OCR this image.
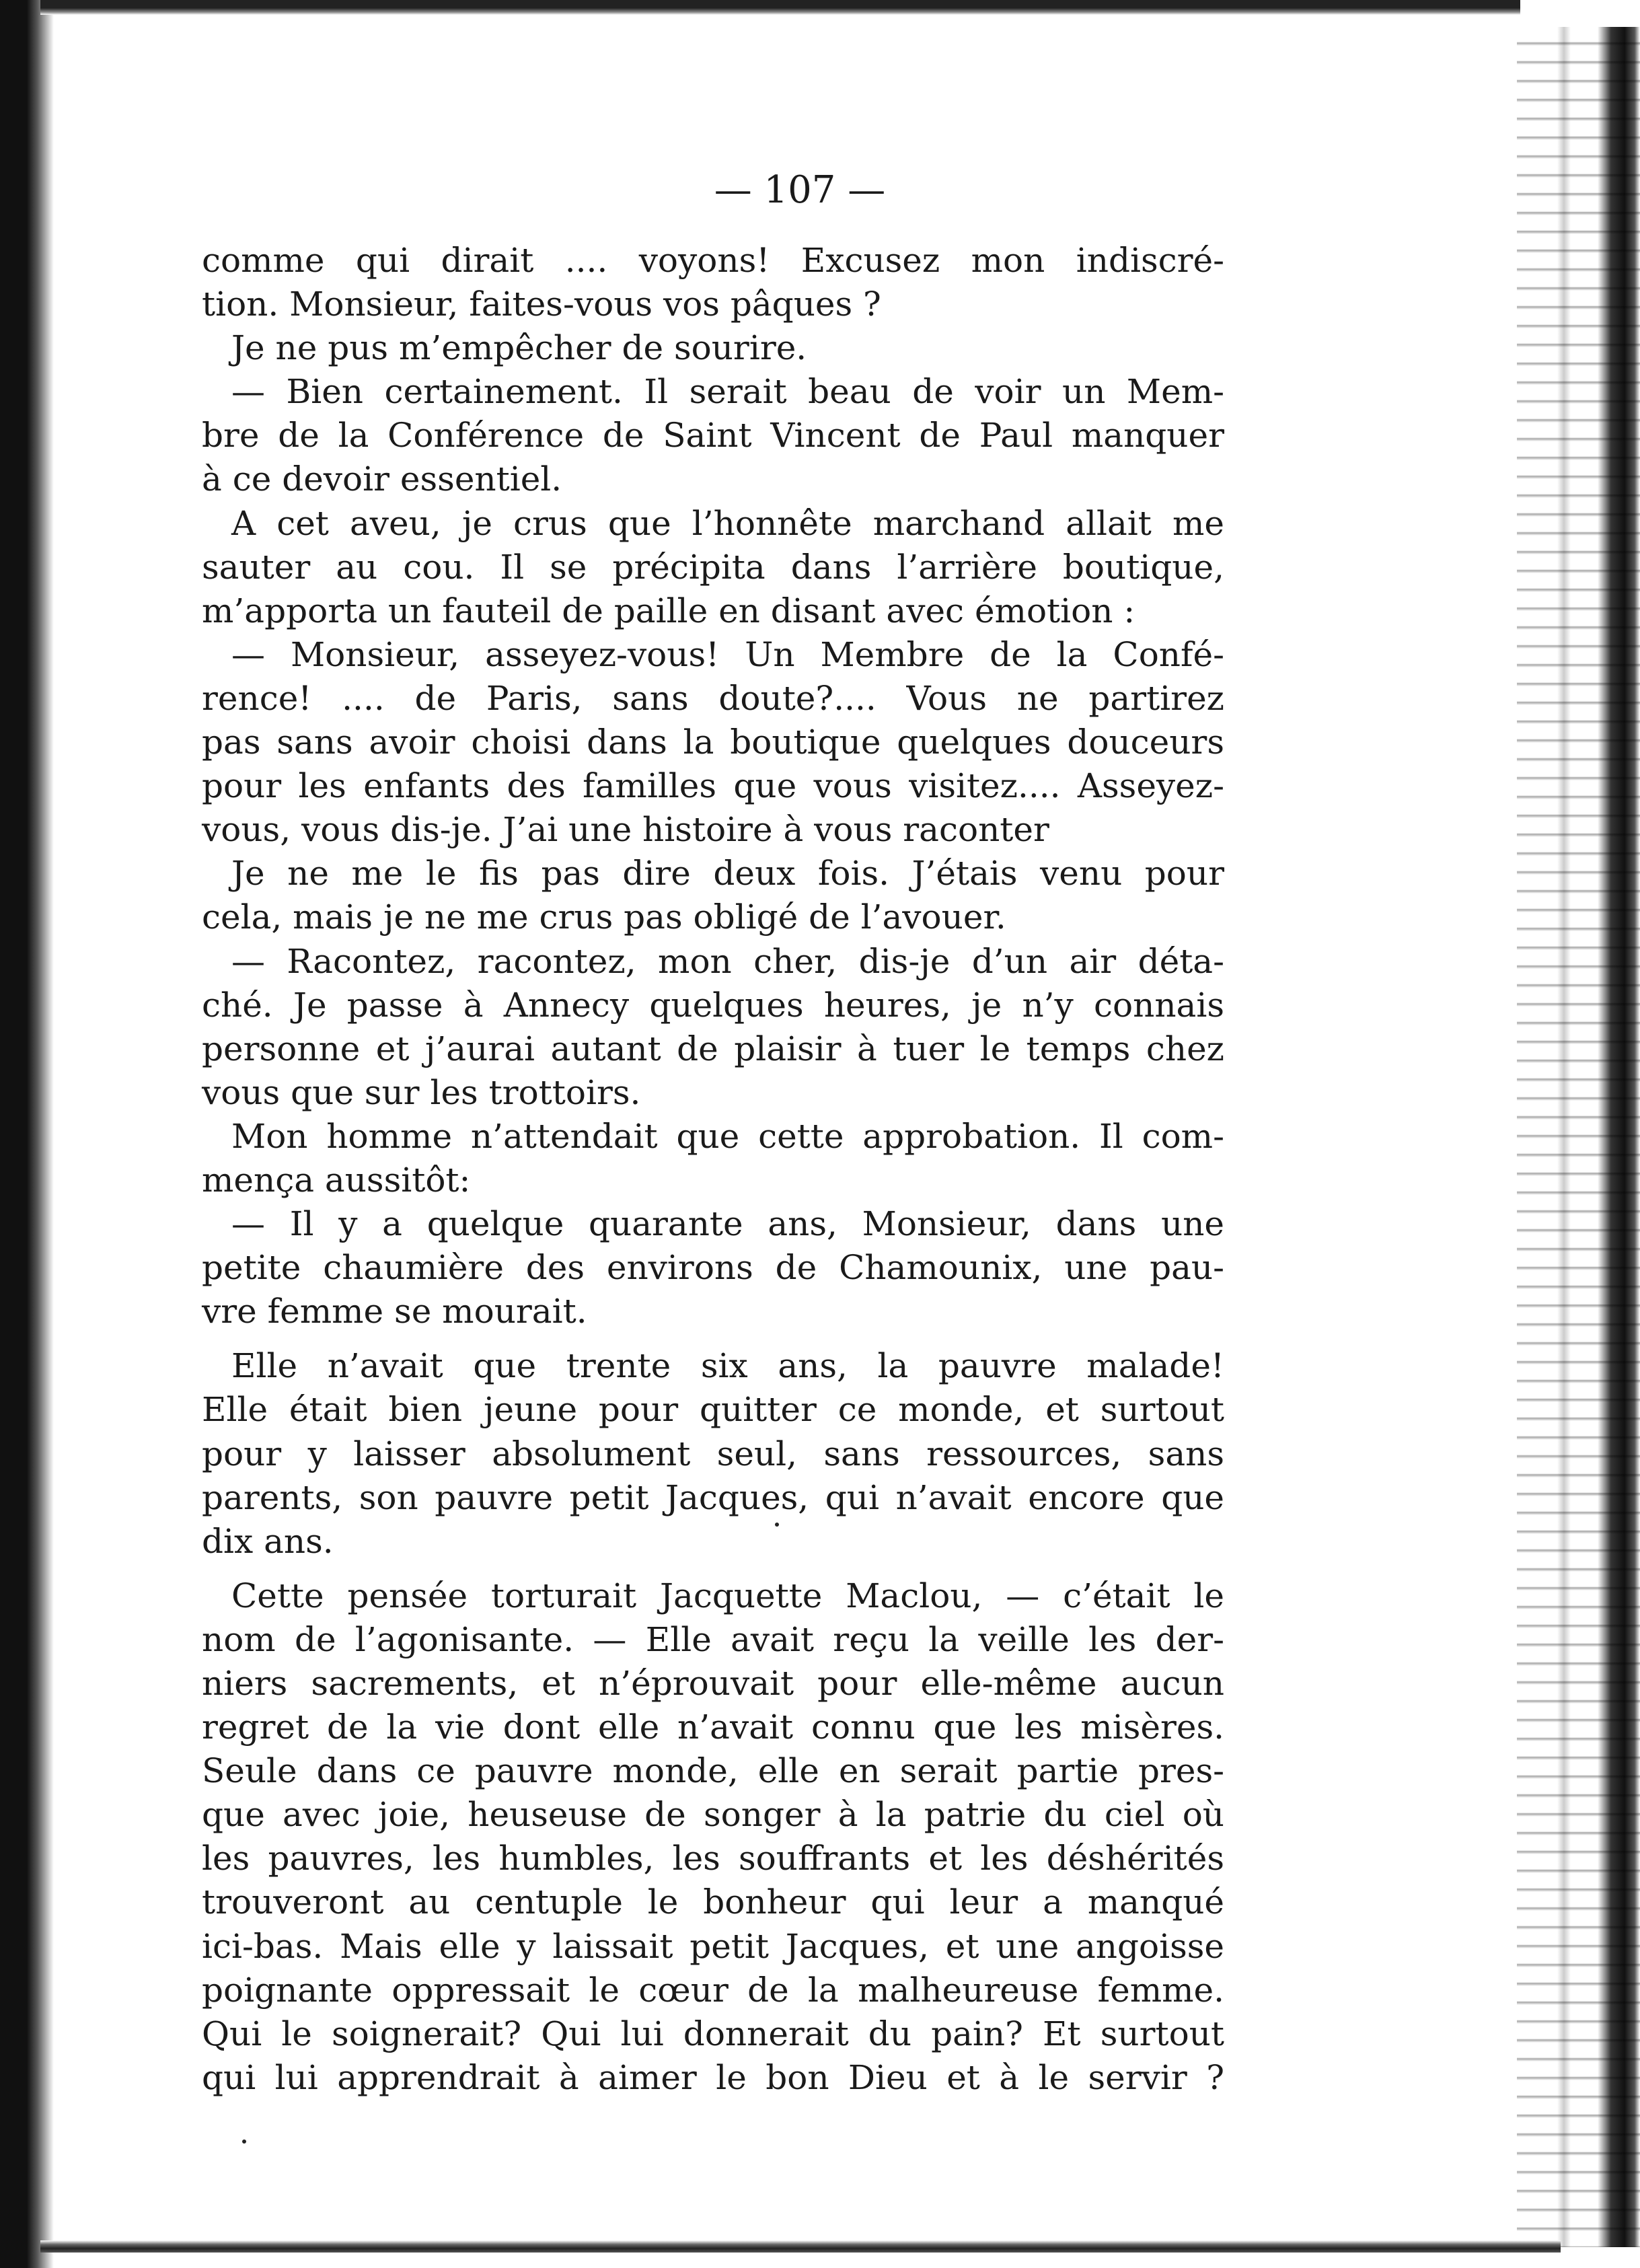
— 107 —
comme qui dirait .... voyons! Excusez mon indiscré-
tion. Monsieur, faites-vous vos pâques ?
Je ne pus m’empêcher de sourire.
— Bien certainement. Il serait beau de voir un Mem-
bre de la Conférence de Saint Vincent de Paul manquer
à ce devoir essentiel.
A cet aveu, je crus que l’honnête marchand allait me
sauter au cou. Il se précipita dans l’arrière boutique,
m’apporta un fauteil de paille en disant avec émotion :
— Monsieur, asseyez-vous! Un Membre de la Confé-
rence! .... de Paris, sans doute?.... Vous ne partirez
pas sans avoir choisi dans la boutique quelques douceurs
pour les enfants des familles que vous visitez.... Asseyez-
vous, vous dis-je. J’ai une histoire à vous raconter
Je ne me le fis pas dire deux fois. J’étais venu pour
cela, mais je ne me crus pas obligé de l’avouer.
— Racontez, racontez, mon cher, dis-je d’un air déta-
ché. Je passe à Annecy quelques heures, je n’y connais
personne et j’aurai autant de plaisir à tuer le temps chez
vous que sur les trottoirs.
Mon homme n’attendait que cette approbation. Il com-
mença aussitôt:
— Il y a quelque quarante ans, Monsieur, dans une
petite chaumière des environs de Chamounix, une pau-
vre femme se mourait.
Elle n’avait que trente six ans, la pauvre malade!
Elle était bien jeune pour quitter ce monde, et surtout
pour y laisser absolument seul, sans ressources, sans
parents, son pauvre petit Jacques, qui n’avait encore que
dix ans.
Cette pensée torturait Jacquette Maclou, — c’était le
nom de l’agonisante. — Elle avait reçu la veille les der-
niers sacrements, et n’éprouvait pour elle-même aucun
regret de la vie dont elle n’avait connu que les misères.
Seule dans ce pauvre monde, elle en serait partie pres-
que avec joie, heuseuse de songer à la patrie du ciel où
les pauvres, les humbles, les souffrants et les déshérités
trouveront au centuple le bonheur qui leur a manqué
ici-bas. Mais elle y laissait petit Jacques, et une angoisse
poignante oppressait le cœur de la malheureuse femme.
Qui le soignerait? Qui lui donnerait du pain? Et surtout
qui lui apprendrait à aimer le bon Dieu et à le servir ?
